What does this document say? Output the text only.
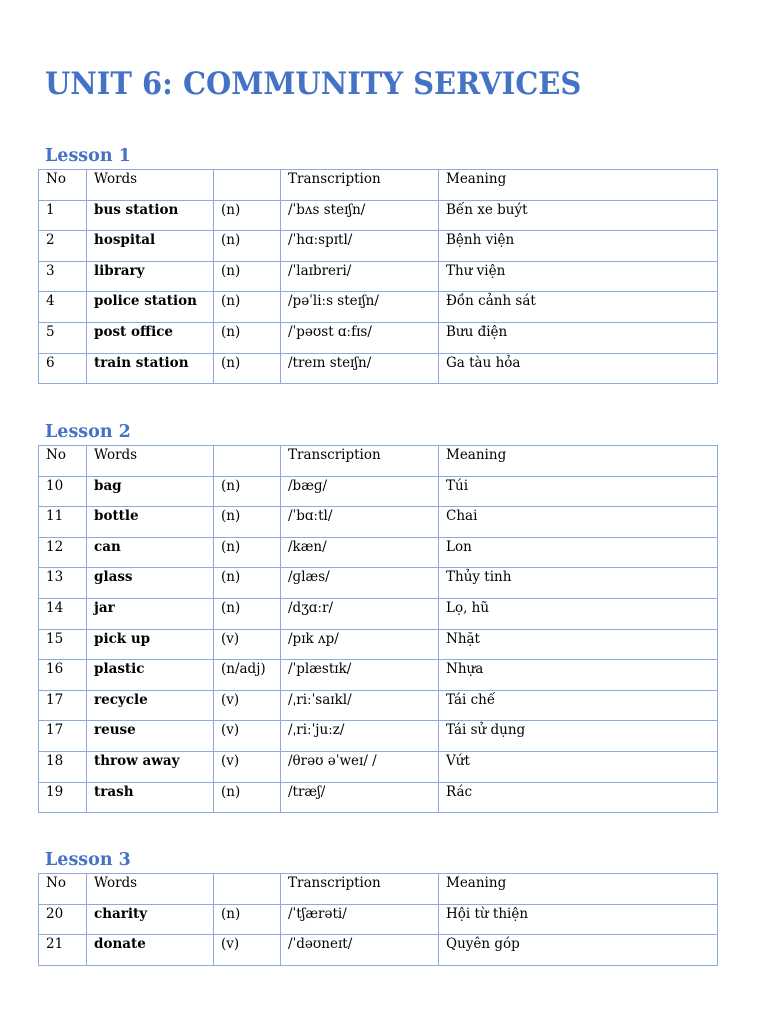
UNIT 6: COMMUNITY SERVICES
Lesson 1
No	Words		Transcription	Meaning
1	bus station	(n)	/ˈbʌs steɪʃn/	Bến xe buýt
2	hospital	(n)	/ˈhɑːspɪtl/	Bệnh viện
3	library	(n)	/ˈlaɪbreri/	Thư viện
4	police station	(n)	/pəˈliːs steɪʃn/	Đồn cảnh sát
5	post office	(n)	/ˈpəʊst ɑːfɪs/	Bưu điện
6	train station	(n)	/treɪn steɪʃn/	Ga tàu hỏa
Lesson 2
No	Words		Transcription	Meaning
10	bag	(n)	/bæɡ/	Túi
11	bottle	(n)	/ˈbɑːtl/	Chai
12	can	(n)	/kæn/	Lon
13	glass	(n)	/ɡlæs/	Thủy tinh
14	jar	(n)	/dʒɑːr/	Lọ, hũ
15	pick up	(v)	/pɪk ʌp/	Nhặt
16	plastic	(n/adj)	/ˈplæstɪk/	Nhựa
17	recycle	(v)	/ˌriːˈsaɪkl/	Tái chế
17	reuse	(v)	/ˌriːˈjuːz/	Tái sử dụng
18	throw away	(v)	/θrəʊ əˈweɪ/ /	Vứt
19	trash	(n)	/træʃ/	Rác
Lesson 3
No	Words		Transcription	Meaning
20	charity	(n)	/ˈtʃærəti/	Hội từ thiện
21	donate	(v)	/ˈdəʊneɪt/	Quyên góp
